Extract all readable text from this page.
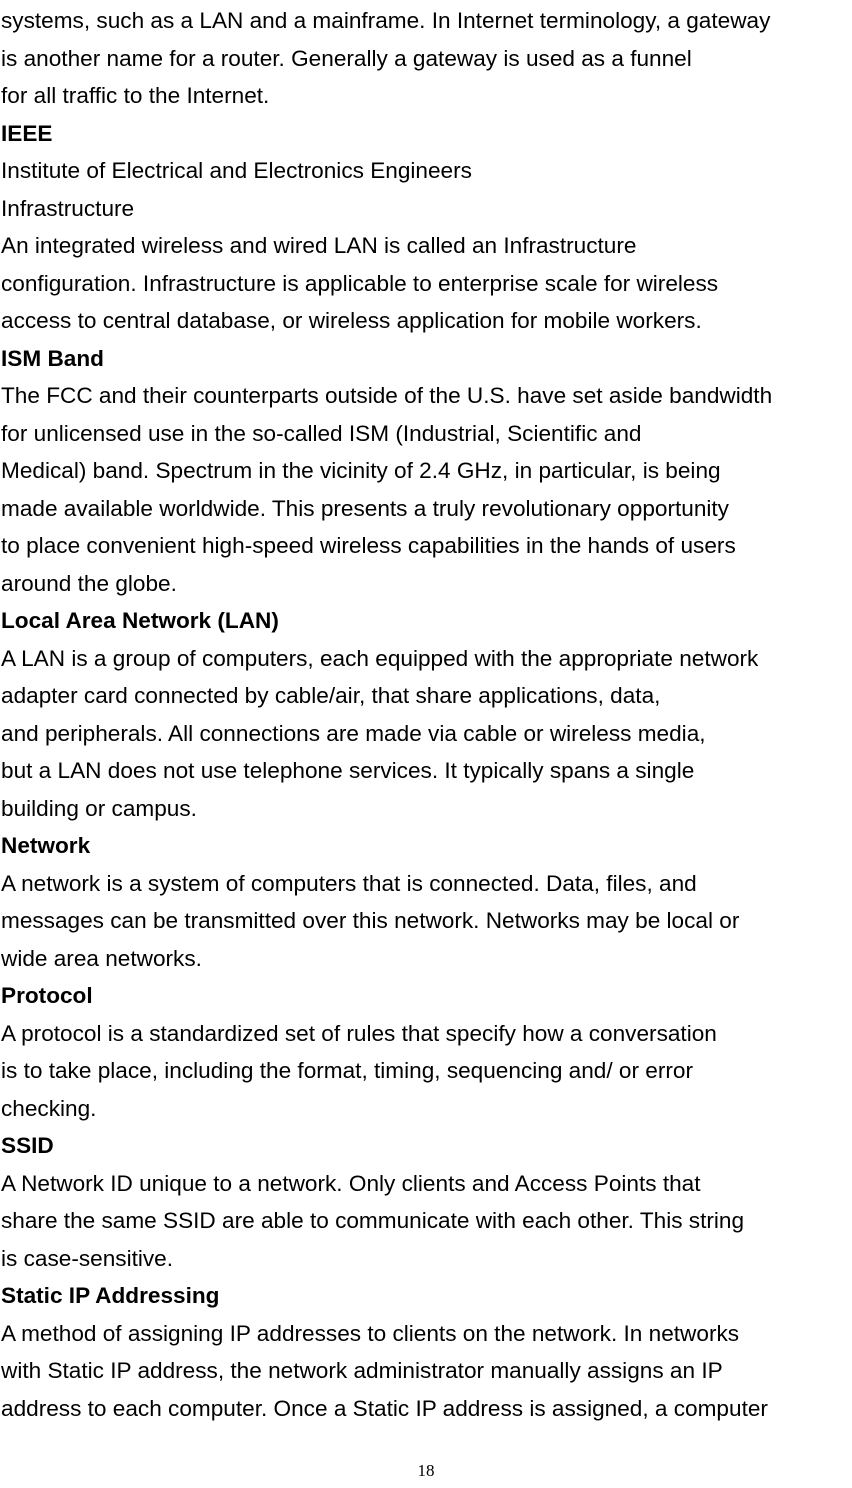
systems, such as a LAN and a mainframe. In Internet terminology, a gateway
is another name for a router. Generally a gateway is used as a funnel
for all traffic to the Internet.
IEEE
Institute of Electrical and Electronics Engineers
Infrastructure
An integrated wireless and wired LAN is called an Infrastructure
configuration. Infrastructure is applicable to enterprise scale for wireless
access to central database, or wireless application for mobile workers.
ISM Band
The FCC and their counterparts outside of the U.S. have set aside bandwidth
for unlicensed use in the so-called ISM (Industrial, Scientific and
Medical) band. Spectrum in the vicinity of 2.4 GHz, in particular, is being
made available worldwide. This presents a truly revolutionary opportunity
to place convenient high-speed wireless capabilities in the hands of users
around the globe.
Local Area Network (LAN)
A LAN is a group of computers, each equipped with the appropriate network
adapter card connected by cable/air, that share applications, data,
and peripherals. All connections are made via cable or wireless media,
but a LAN does not use telephone services. It typically spans a single
building or campus.
Network
A network is a system of computers that is connected. Data, files, and
messages can be transmitted over this network. Networks may be local or
wide area networks.
Protocol
A protocol is a standardized set of rules that specify how a conversation
is to take place, including the format, timing, sequencing and/ or error
checking.
SSID
A Network ID unique to a network. Only clients and Access Points that
share the same SSID are able to communicate with each other. This string
is case-sensitive.
Static IP Addressing
A method of assigning IP addresses to clients on the network. In networks
with Static IP address, the network administrator manually assigns an IP
address to each computer. Once a Static IP address is assigned, a computer
18
